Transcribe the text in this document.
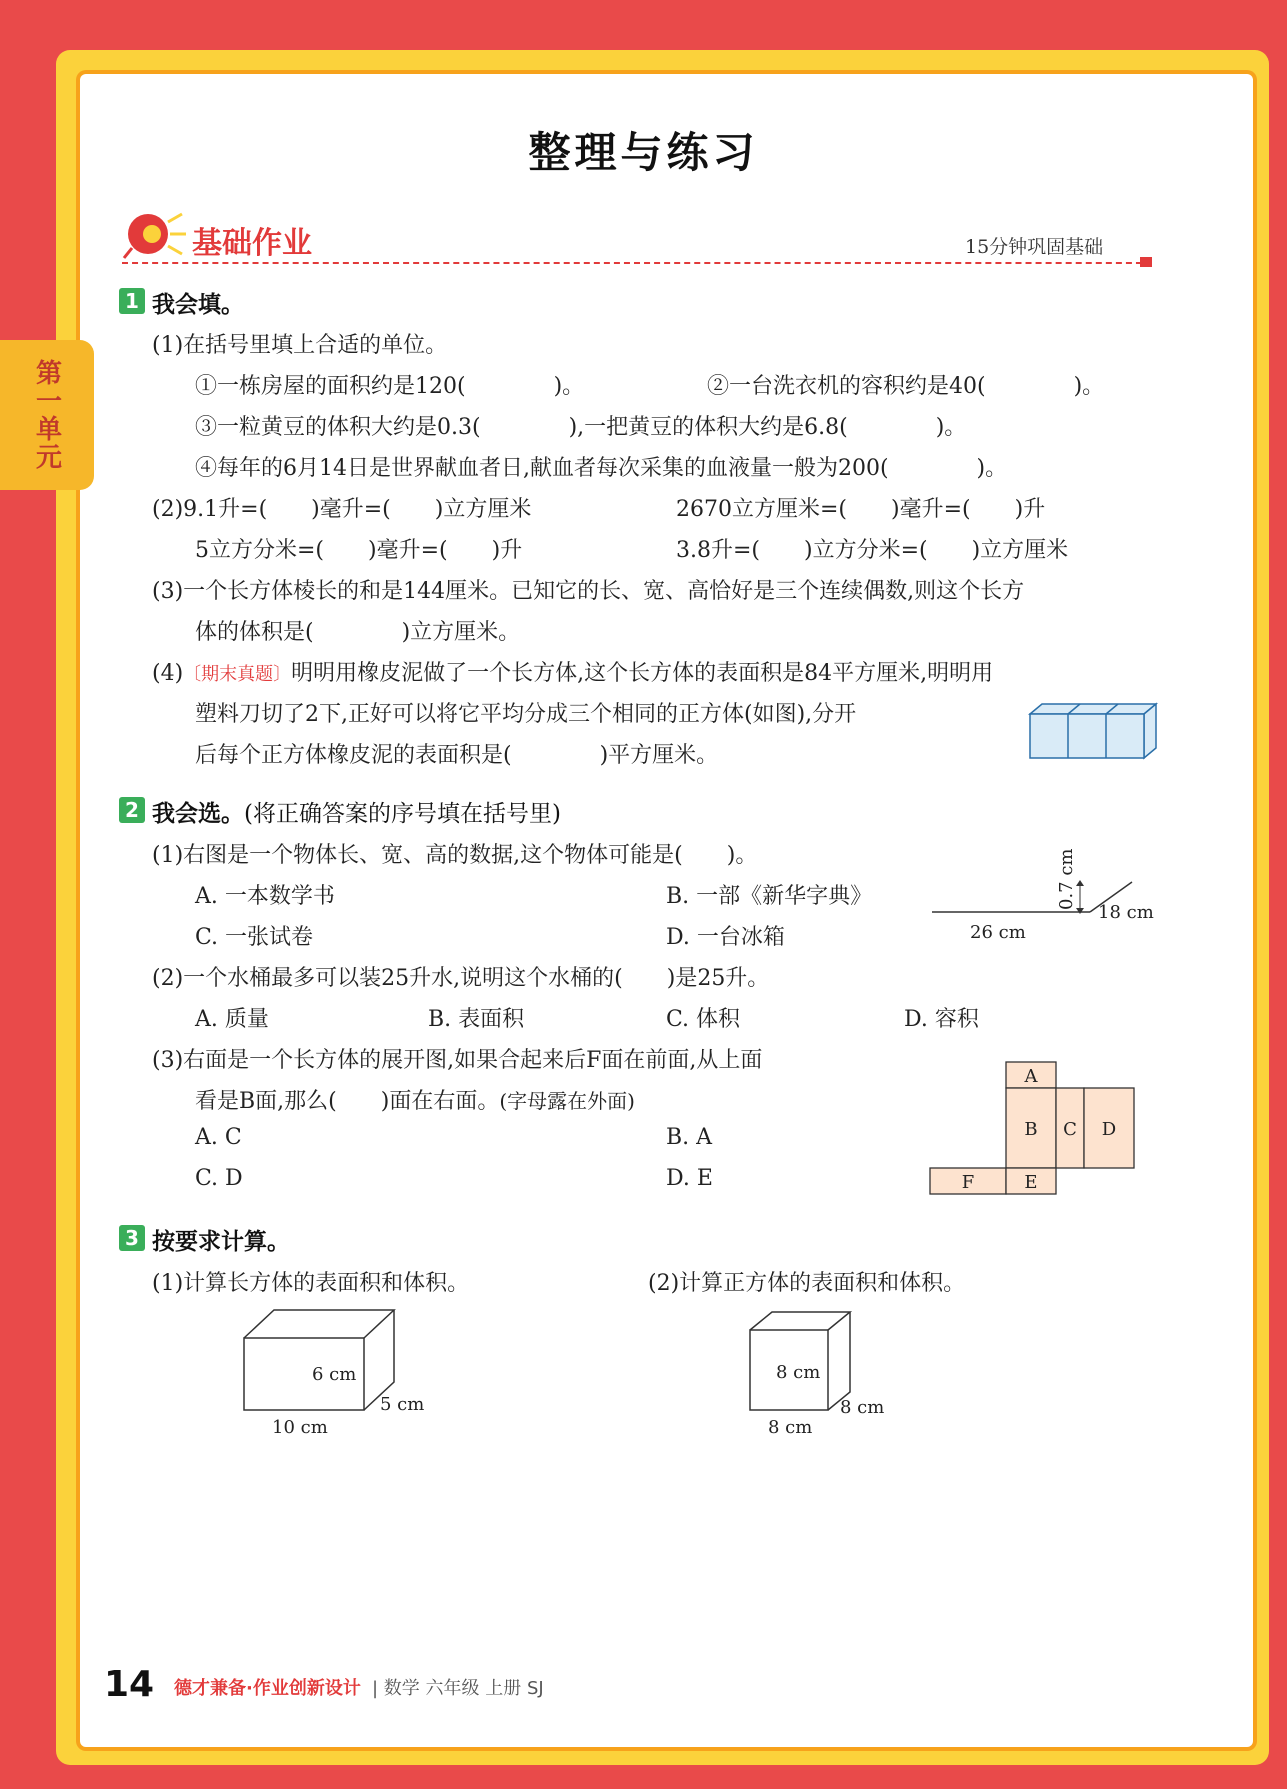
整理与练习
第一单元
基础作业	15分钟巩固基础
1 我会填。
(1)在括号里填上合适的单位。
①一栋房屋的面积约是120(　　　　)。	②一台洗衣机的容积约是40(　　　　)。
③一粒黄豆的体积大约是0.3(　　　　),一把黄豆的体积大约是6.8(　　　　)。
④每年的6月14日是世界献血者日,献血者每次采集的血液量一般为200(　　　　)。
(2)9.1升=(　　)毫升=(　　)立方厘米	2670立方厘米=(　　)毫升=(　　)升
5立方分米=(　　)毫升=(　　)升	3.8升=(　　)立方分米=(　　)立方厘米
(3)一个长方体棱长的和是144厘米。已知它的长、宽、高恰好是三个连续偶数,则这个长方
体的体积是(　　　　)立方厘米。
(4)〔期末真题〕明明用橡皮泥做了一个长方体,这个长方体的表面积是84平方厘米,明明用
塑料刀切了2下,正好可以将它平均分成三个相同的正方体(如图),分开
后每个正方体橡皮泥的表面积是(　　　　)平方厘米。
2 我会选。(将正确答案的序号填在括号里)
(1)右图是一个物体长、宽、高的数据,这个物体可能是(　　)。
A. 一本数学书	B. 一部《新华字典》
C. 一张试卷	D. 一台冰箱
0.7 cm
18 cm
26 cm
(2)一个水桶最多可以装25升水,说明这个水桶的(　　)是25升。
A. 质量	B. 表面积	C. 体积	D. 容积
(3)右面是一个长方体的展开图,如果合起来后F面在前面,从上面
看是B面,那么(　　)面在右面。(字母露在外面)
A. C	B. A
C. D	D. E
A
B C D
F	E
3 按要求计算。
(1)计算长方体的表面积和体积。	(2)计算正方体的表面积和体积。
6 cm
5 cm
10 cm
8 cm
8 cm
8 cm
14 德才兼备·作业创新设计 | 数学 六年级 上册 SJ
